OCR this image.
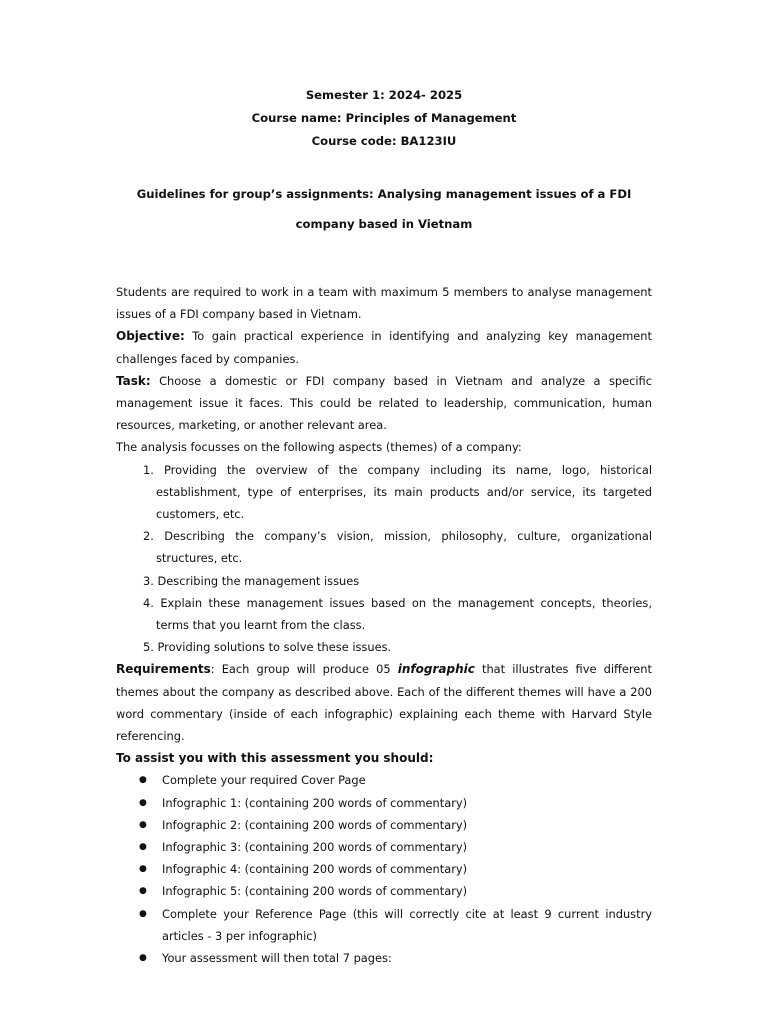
Semester 1: 2024- 2025
Course name: Principles of Management
Course code: BA123IU
Guidelines for group’s assignments: Analysing management issues of a FDI company based in Vietnam

Students are required to work in a team with maximum 5 members to analyse management issues of a FDI company based in Vietnam.

Objective: To gain practical experience in identifying and analyzing key management challenges faced by companies.

Task: Choose a domestic or FDI company based in Vietnam and analyze a specific management issue it faces. This could be related to leadership, communication, human resources, marketing, or another relevant area.

The analysis focusses on the following aspects (themes) of a company:

1. Providing the overview of the company including its name, logo, historical establishment, type of enterprises, its main products and/or service, its targeted customers, etc.
2. Describing the company’s vision, mission, philosophy, culture, organizational structures, etc.
3. Describing the management issues
4. Explain these management issues based on the management concepts, theories, terms that you learnt from the class.
5. Providing solutions to solve these issues.

Requirements: Each group will produce 05 infographic that illustrates five different themes about the company as described above. Each of the different themes will have a 200 word commentary (inside of each infographic) explaining each theme with Harvard Style referencing.

To assist you with this assessment you should:

● Complete your required Cover Page
● Infographic 1: (containing 200 words of commentary)
● Infographic 2: (containing 200 words of commentary)
● Infographic 3: (containing 200 words of commentary)
● Infographic 4: (containing 200 words of commentary)
● Infographic 5: (containing 200 words of commentary)
● Complete your Reference Page (this will correctly cite at least 9 current industry articles - 3 per infographic)
● Your assessment will then total 7 pages:
